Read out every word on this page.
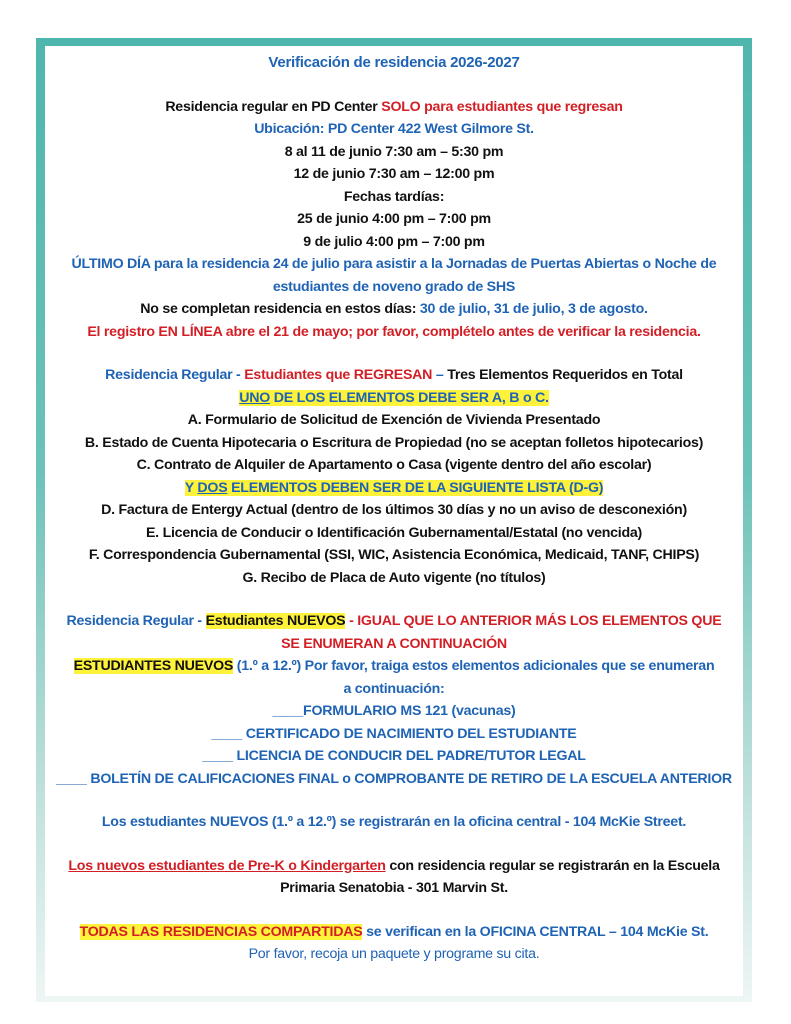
Verificación de residencia 2026-2027
Residencia regular en PD Center SOLO para estudiantes que regresan
Ubicación: PD Center 422 West Gilmore St.
8 al 11 de junio 7:30 am – 5:30 pm
12 de junio 7:30 am – 12:00 pm
Fechas tardías:
25 de junio 4:00 pm – 7:00 pm
9 de julio 4:00 pm – 7:00 pm
ÚLTIMO DÍA para la residencia 24 de julio para asistir a la Jornadas de Puertas Abiertas o Noche de
estudiantes de noveno grado de SHS
No se completan residencia en estos días: 30 de julio, 31 de julio, 3 de agosto.
El registro EN LÍNEA abre el 21 de mayo; por favor, complételo antes de verificar la residencia.
Residencia Regular - Estudiantes que REGRESAN – Tres Elementos Requeridos en Total
UNO DE LOS ELEMENTOS DEBE SER A, B o C.
A. Formulario de Solicitud de Exención de Vivienda Presentado
B. Estado de Cuenta Hipotecaria o Escritura de Propiedad (no se aceptan folletos hipotecarios)
C. Contrato de Alquiler de Apartamento o Casa (vigente dentro del año escolar)
Y DOS ELEMENTOS DEBEN SER DE LA SIGUIENTE LISTA (D-G)
D. Factura de Entergy Actual (dentro de los últimos 30 días y no un aviso de desconexión)
E. Licencia de Conducir o Identificación Gubernamental/Estatal (no vencida)
F. Correspondencia Gubernamental (SSI, WIC, Asistencia Económica, Medicaid, TANF, CHIPS)
G. Recibo de Placa de Auto vigente (no títulos)
Residencia Regular - Estudiantes NUEVOS - IGUAL QUE LO ANTERIOR MÁS LOS ELEMENTOS QUE
SE ENUMERAN A CONTINUACIÓN
ESTUDIANTES NUEVOS (1.º a 12.º) Por favor, traiga estos elementos adicionales que se enumeran
a continuación:
____FORMULARIO MS 121 (vacunas)
____ CERTIFICADO DE NACIMIENTO DEL ESTUDIANTE
____ LICENCIA DE CONDUCIR DEL PADRE/TUTOR LEGAL
____ BOLETÍN DE CALIFICACIONES FINAL o COMPROBANTE DE RETIRO DE LA ESCUELA ANTERIOR
Los estudiantes NUEVOS (1.º a 12.º) se registrarán en la oficina central - 104 McKie Street.
Los nuevos estudiantes de Pre-K o Kindergarten con residencia regular se registrarán en la Escuela
Primaria Senatobia - 301 Marvin St.
TODAS LAS RESIDENCIAS COMPARTIDAS se verifican en la OFICINA CENTRAL – 104 McKie St.
Por favor, recoja un paquete y programe su cita.
